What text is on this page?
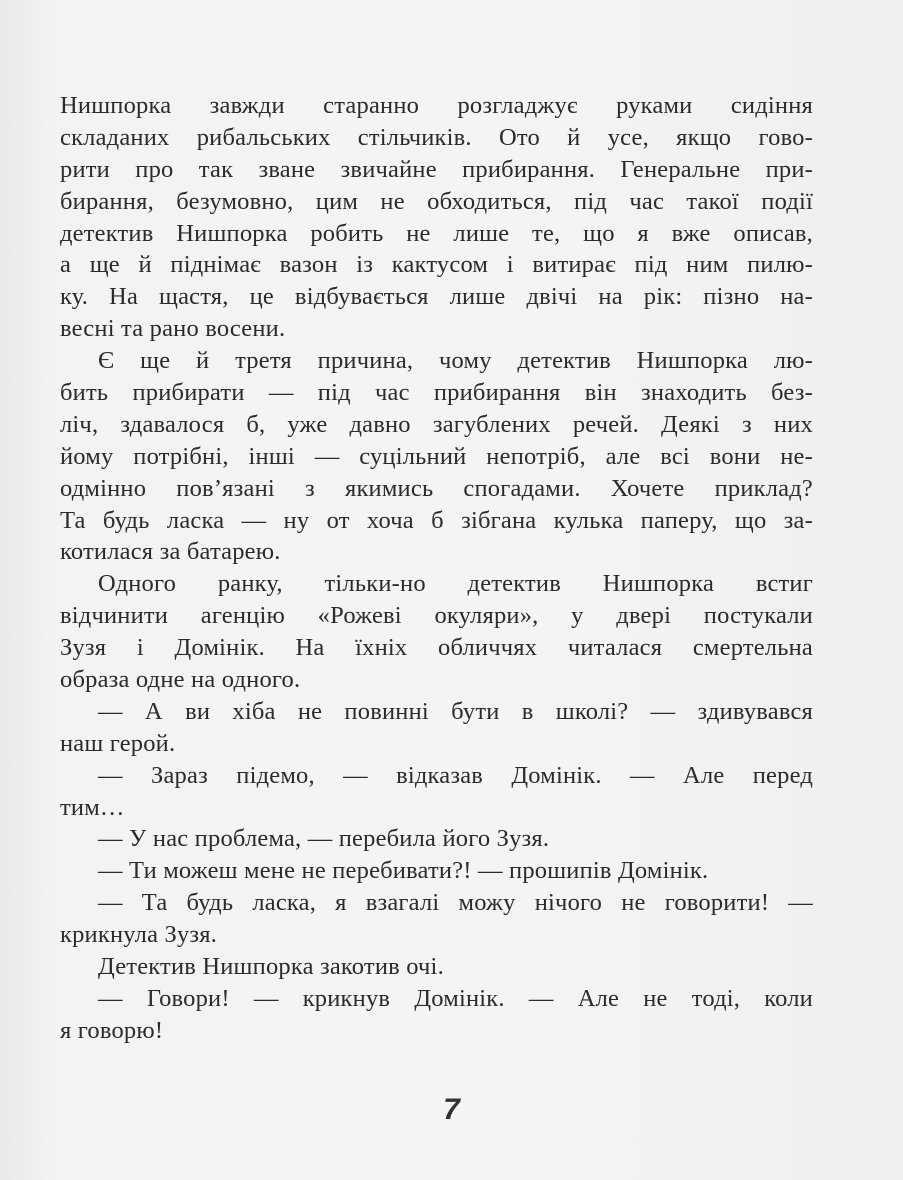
Нишпорка завжди старанно розгладжує руками сидіння
складаних рибальських стільчиків. Ото й усе, якщо гово-
рити про так зване звичайне прибирання. Генеральне при-
бирання, безумовно, цим не обходиться, під час такої події
детектив Нишпорка робить не лише те, що я вже описав,
а ще й піднімає вазон із кактусом і витирає під ним пилю-
ку. На щастя, це відбувається лише двічі на рік: пізно на-
весні та рано восени.
Є ще й третя причина, чому детектив Нишпорка лю-
бить прибирати — під час прибирання він знаходить без-
ліч, здавалося б, уже давно загублених речей. Деякі з них
йому потрібні, інші — суцільний непотріб, але всі вони не-
одмінно пов’язані з якимись спогадами. Хочете приклад?
Та будь ласка — ну от хоча б зібгана кулька паперу, що за-
котилася за батарею.
Одного ранку, тільки-но детектив Нишпорка встиг
відчинити агенцію «Рожеві окуляри», у двері постукали
Зузя і Домінік. На їхніх обличчях читалася смертельна
образа одне на одного.
— А ви хіба не повинні бути в школі? — здивувався
наш герой.
— Зараз підемо, — відказав Домінік. — Але перед
тим…
— У нас проблема, — перебила його Зузя.
— Ти можеш мене не перебивати?! — прошипів Домінік.
— Та будь ласка, я взагалі можу нічого не говорити! —
крикнула Зузя.
Детектив Нишпорка закотив очі.
— Говори! — крикнув Домінік. — Але не тоді, коли
я говорю!
7
